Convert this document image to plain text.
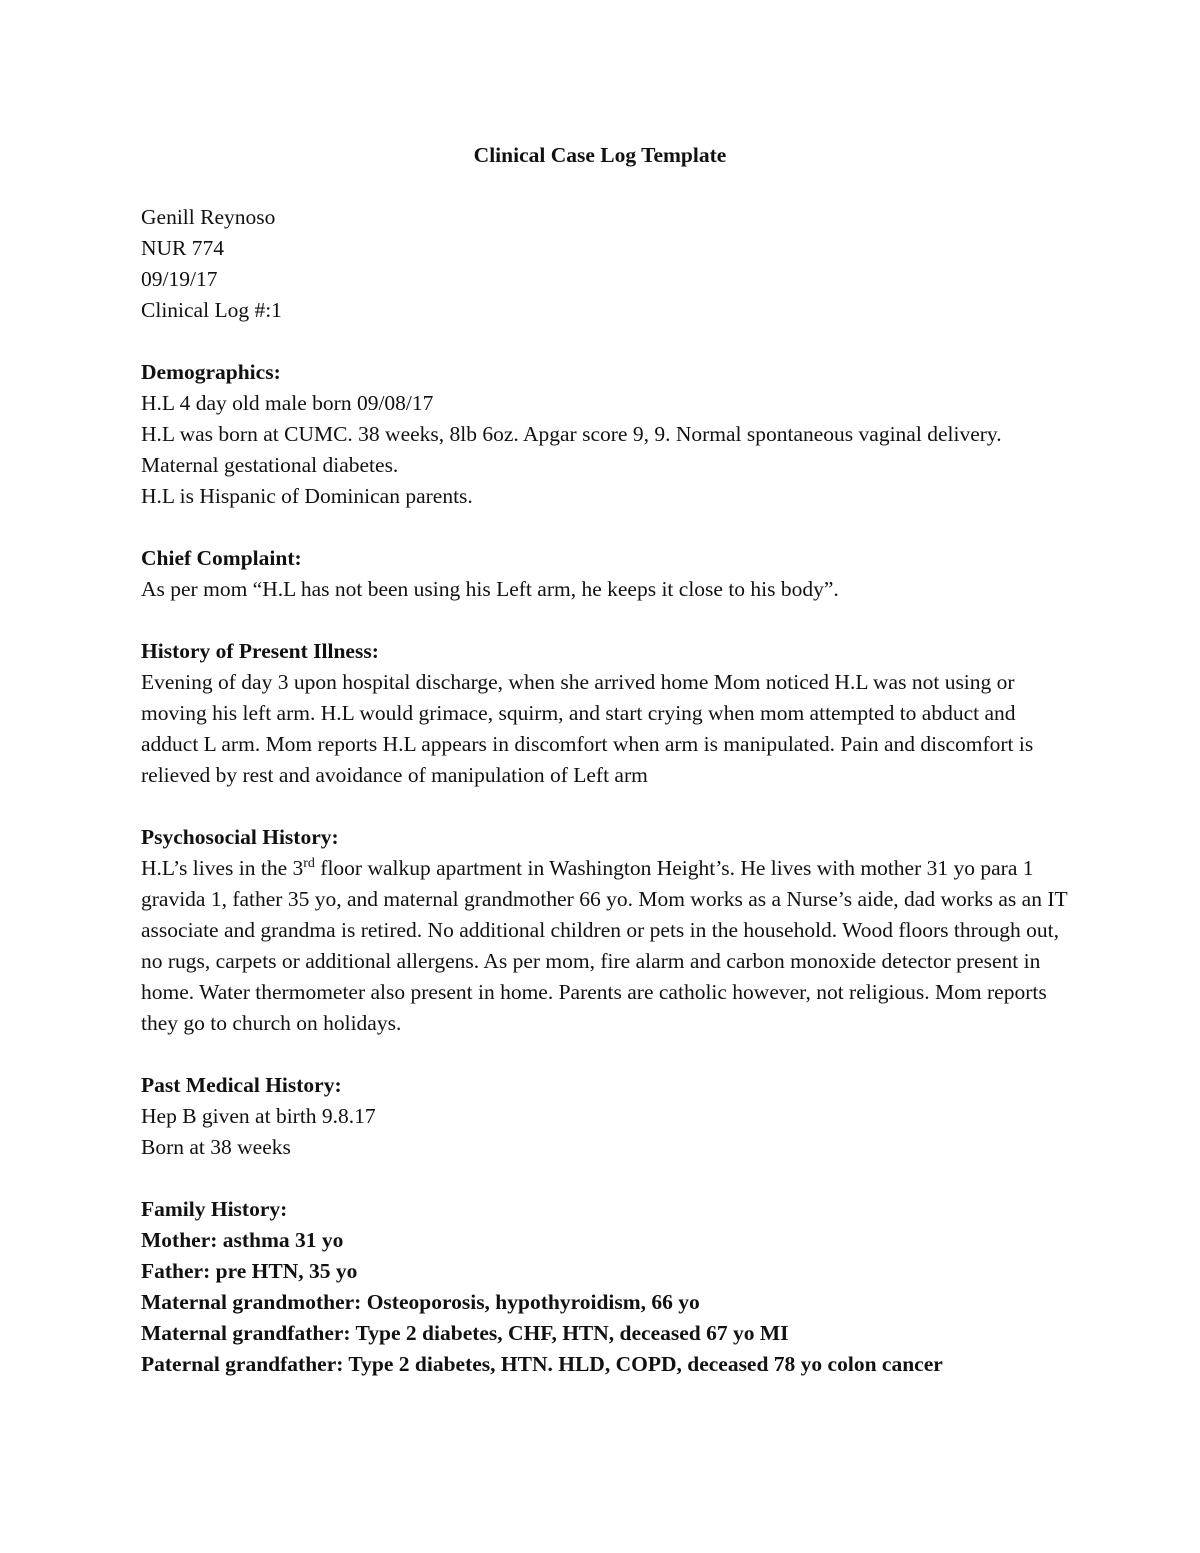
Clinical Case Log Template

Genill Reynoso

NUR 774

09/19/17

Clinical Log #:1

Demographics:

H.L 4 day old male born 09/08/17

H.L was born at CUMC. 38 weeks, 8lb 6oz. Apgar score 9, 9. Normal spontaneous vaginal delivery. Maternal gestational diabetes.

H.L is Hispanic of Dominican parents.

Chief Complaint:

As per mom “H.L has not been using his Left arm, he keeps it close to his body”.

History of Present Illness:

Evening of day 3 upon hospital discharge, when she arrived home Mom noticed H.L was not using or moving his left arm. H.L would grimace, squirm, and start crying when mom attempted to abduct and adduct L arm. Mom reports H.L appears in discomfort when arm is manipulated. Pain and discomfort is relieved by rest and avoidance of manipulation of Left arm

Psychosocial History:

H.L’s lives in the 3rd floor walkup apartment in Washington Height’s. He lives with mother 31 yo para 1 gravida 1, father 35 yo, and maternal grandmother 66 yo. Mom works as a Nurse’s aide, dad works as an IT associate and grandma is retired. No additional children or pets in the household. Wood floors through out, no rugs, carpets or additional allergens. As per mom, fire alarm and carbon monoxide detector present in home. Water thermometer also present in home. Parents are catholic however, not religious. Mom reports they go to church on holidays.

Past Medical History:

Hep B given at birth 9.8.17

Born at 38 weeks

Family History:

Mother: asthma 31 yo

Father: pre HTN, 35 yo

Maternal grandmother: Osteoporosis, hypothyroidism, 66 yo

Maternal grandfather: Type 2 diabetes, CHF, HTN, deceased 67 yo MI

Paternal grandfather: Type 2 diabetes, HTN. HLD, COPD, deceased 78 yo colon cancer
